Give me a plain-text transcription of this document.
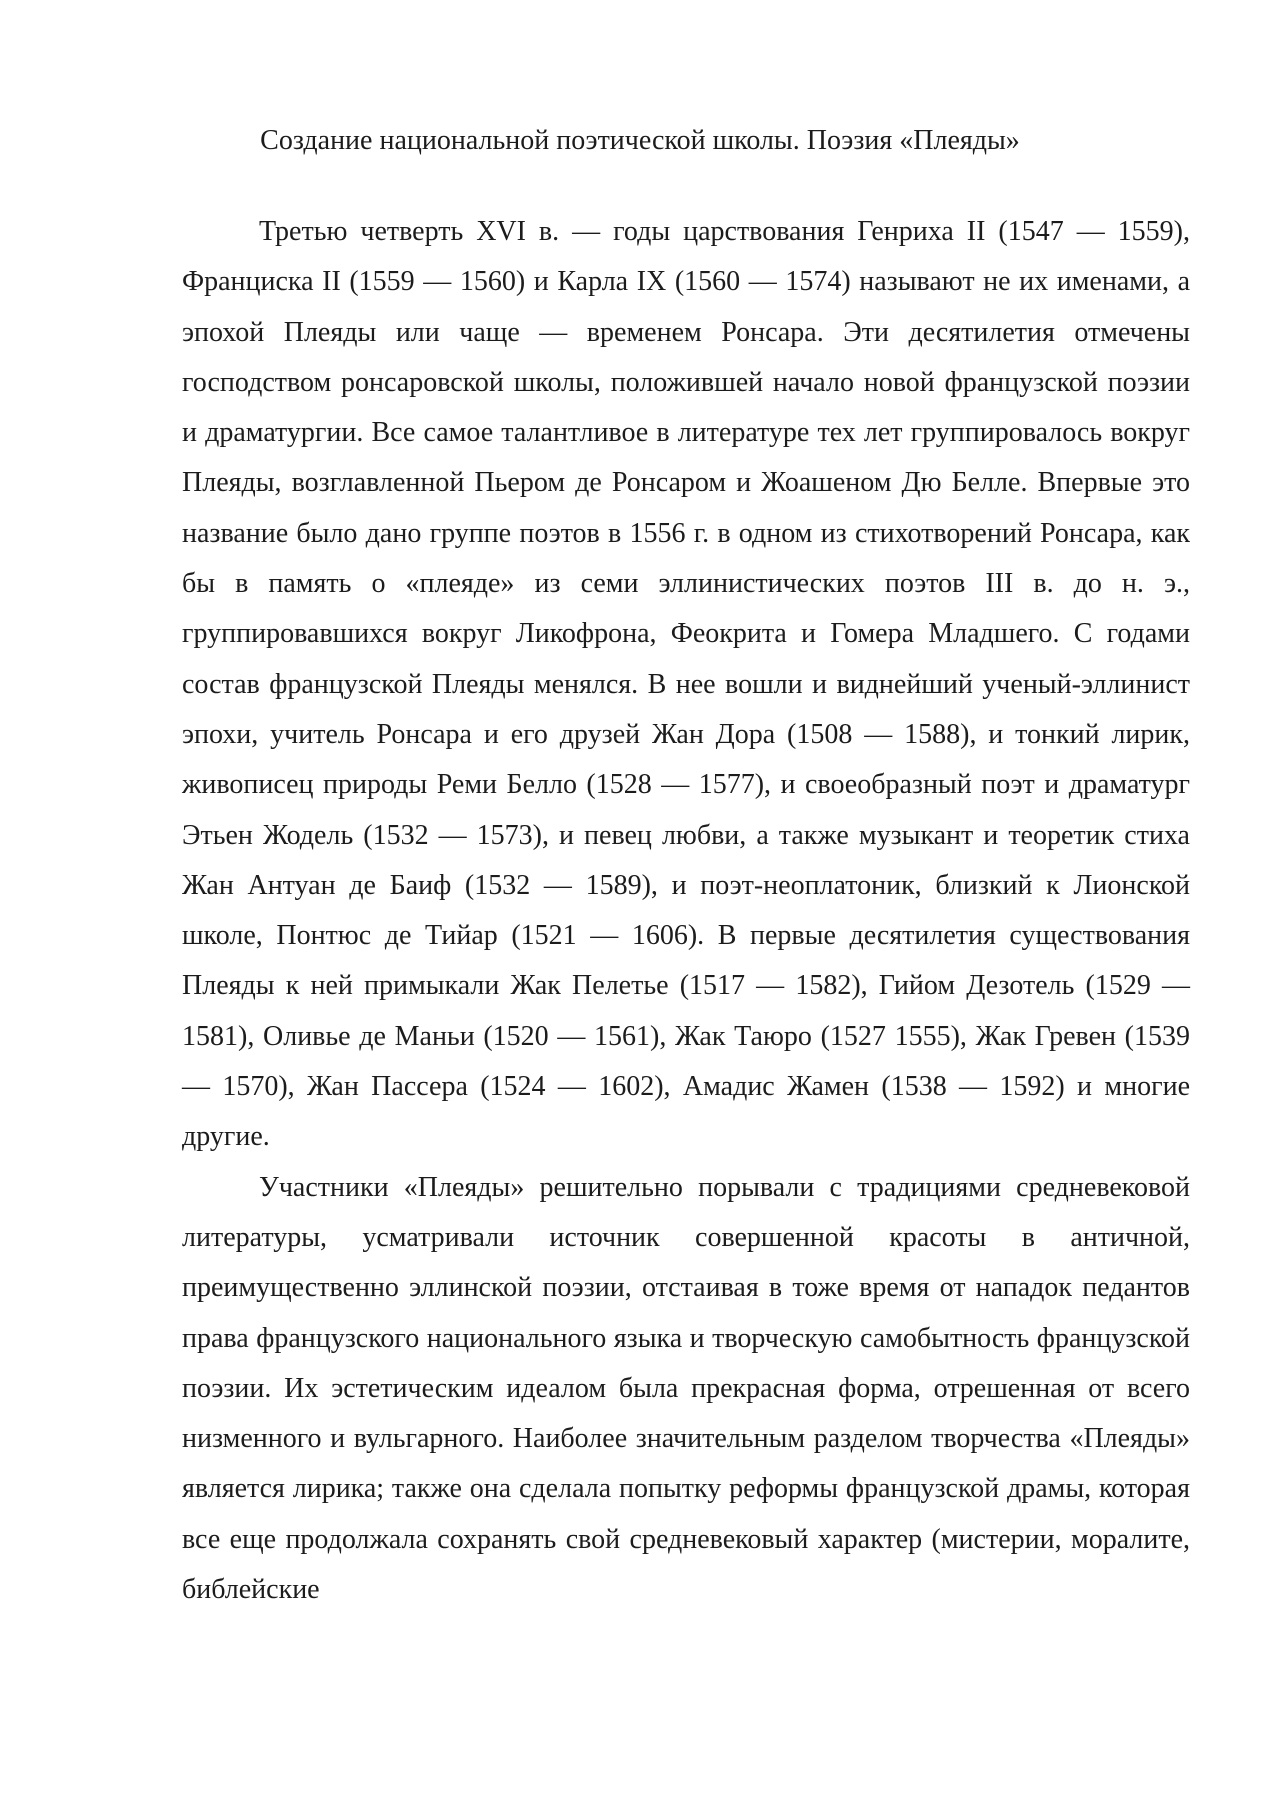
Создание национальной поэтической школы. Поэзия «Плеяды»

Третью четверть XVI в. — годы царствования Генриха II (1547 — 1559), Франциска II (1559 — 1560) и Карла IX (1560 — 1574) называют не их именами, а эпохой Плеяды или чаще — временем Ронсара. Эти десятилетия отмечены господством ронсаровской школы, положившей начало новой французской поэзии и драматургии. Все самое талантливое в литературе тех лет группировалось вокруг Плеяды, возглавленной Пьером де Ронсаром и Жоашеном Дю Белле. Впервые это название было дано группе поэтов в 1556 г. в одном из стихотворений Ронсара, как бы в память о «плеяде» из семи эллинистических поэтов III в. до н. э., группировавшихся вокруг Ликофрона, Феокрита и Гомера Младшего. С годами состав французской Плеяды менялся. В нее вошли и виднейший ученый-эллинист эпохи, учитель Ронсара и его друзей Жан Дора (1508 — 1588), и тонкий лирик, живописец природы Реми Белло (1528 — 1577), и своеобразный поэт и драматург Этьен Жодель (1532 — 1573), и певец любви, а также музыкант и теоретик стиха Жан Антуан де Баиф (1532 — 1589), и поэт-неоплатоник, близкий к Лионской школе, Понтюс де Тийар (1521 — 1606). В первые десятилетия существования Плеяды к ней примыкали Жак Пелетье (1517 — 1582), Гийом Дезотель (1529 — 1581), Оливье де Маньи (1520 — 1561), Жак Таюро (1527 1555), Жак Гревен (1539 — 1570), Жан Пассера (1524 — 1602), Амадис Жамен (1538 — 1592) и многие другие.

Участники «Плеяды» решительно порывали с традициями средневековой литературы, усматривали источник совершенной красоты в античной, преимущественно эллинской поэзии, отстаивая в тоже время от нападок педантов права французского национального языка и творческую самобытность французской поэзии. Их эстетическим идеалом была прекрасная форма, отрешенная от всего низменного и вульгарного. Наиболее значительным разделом творчества «Плеяды» является лирика; также она сделала попытку реформы французской драмы, которая все еще продолжала сохранять свой средневековый характер (мистерии, моралите, библейские
